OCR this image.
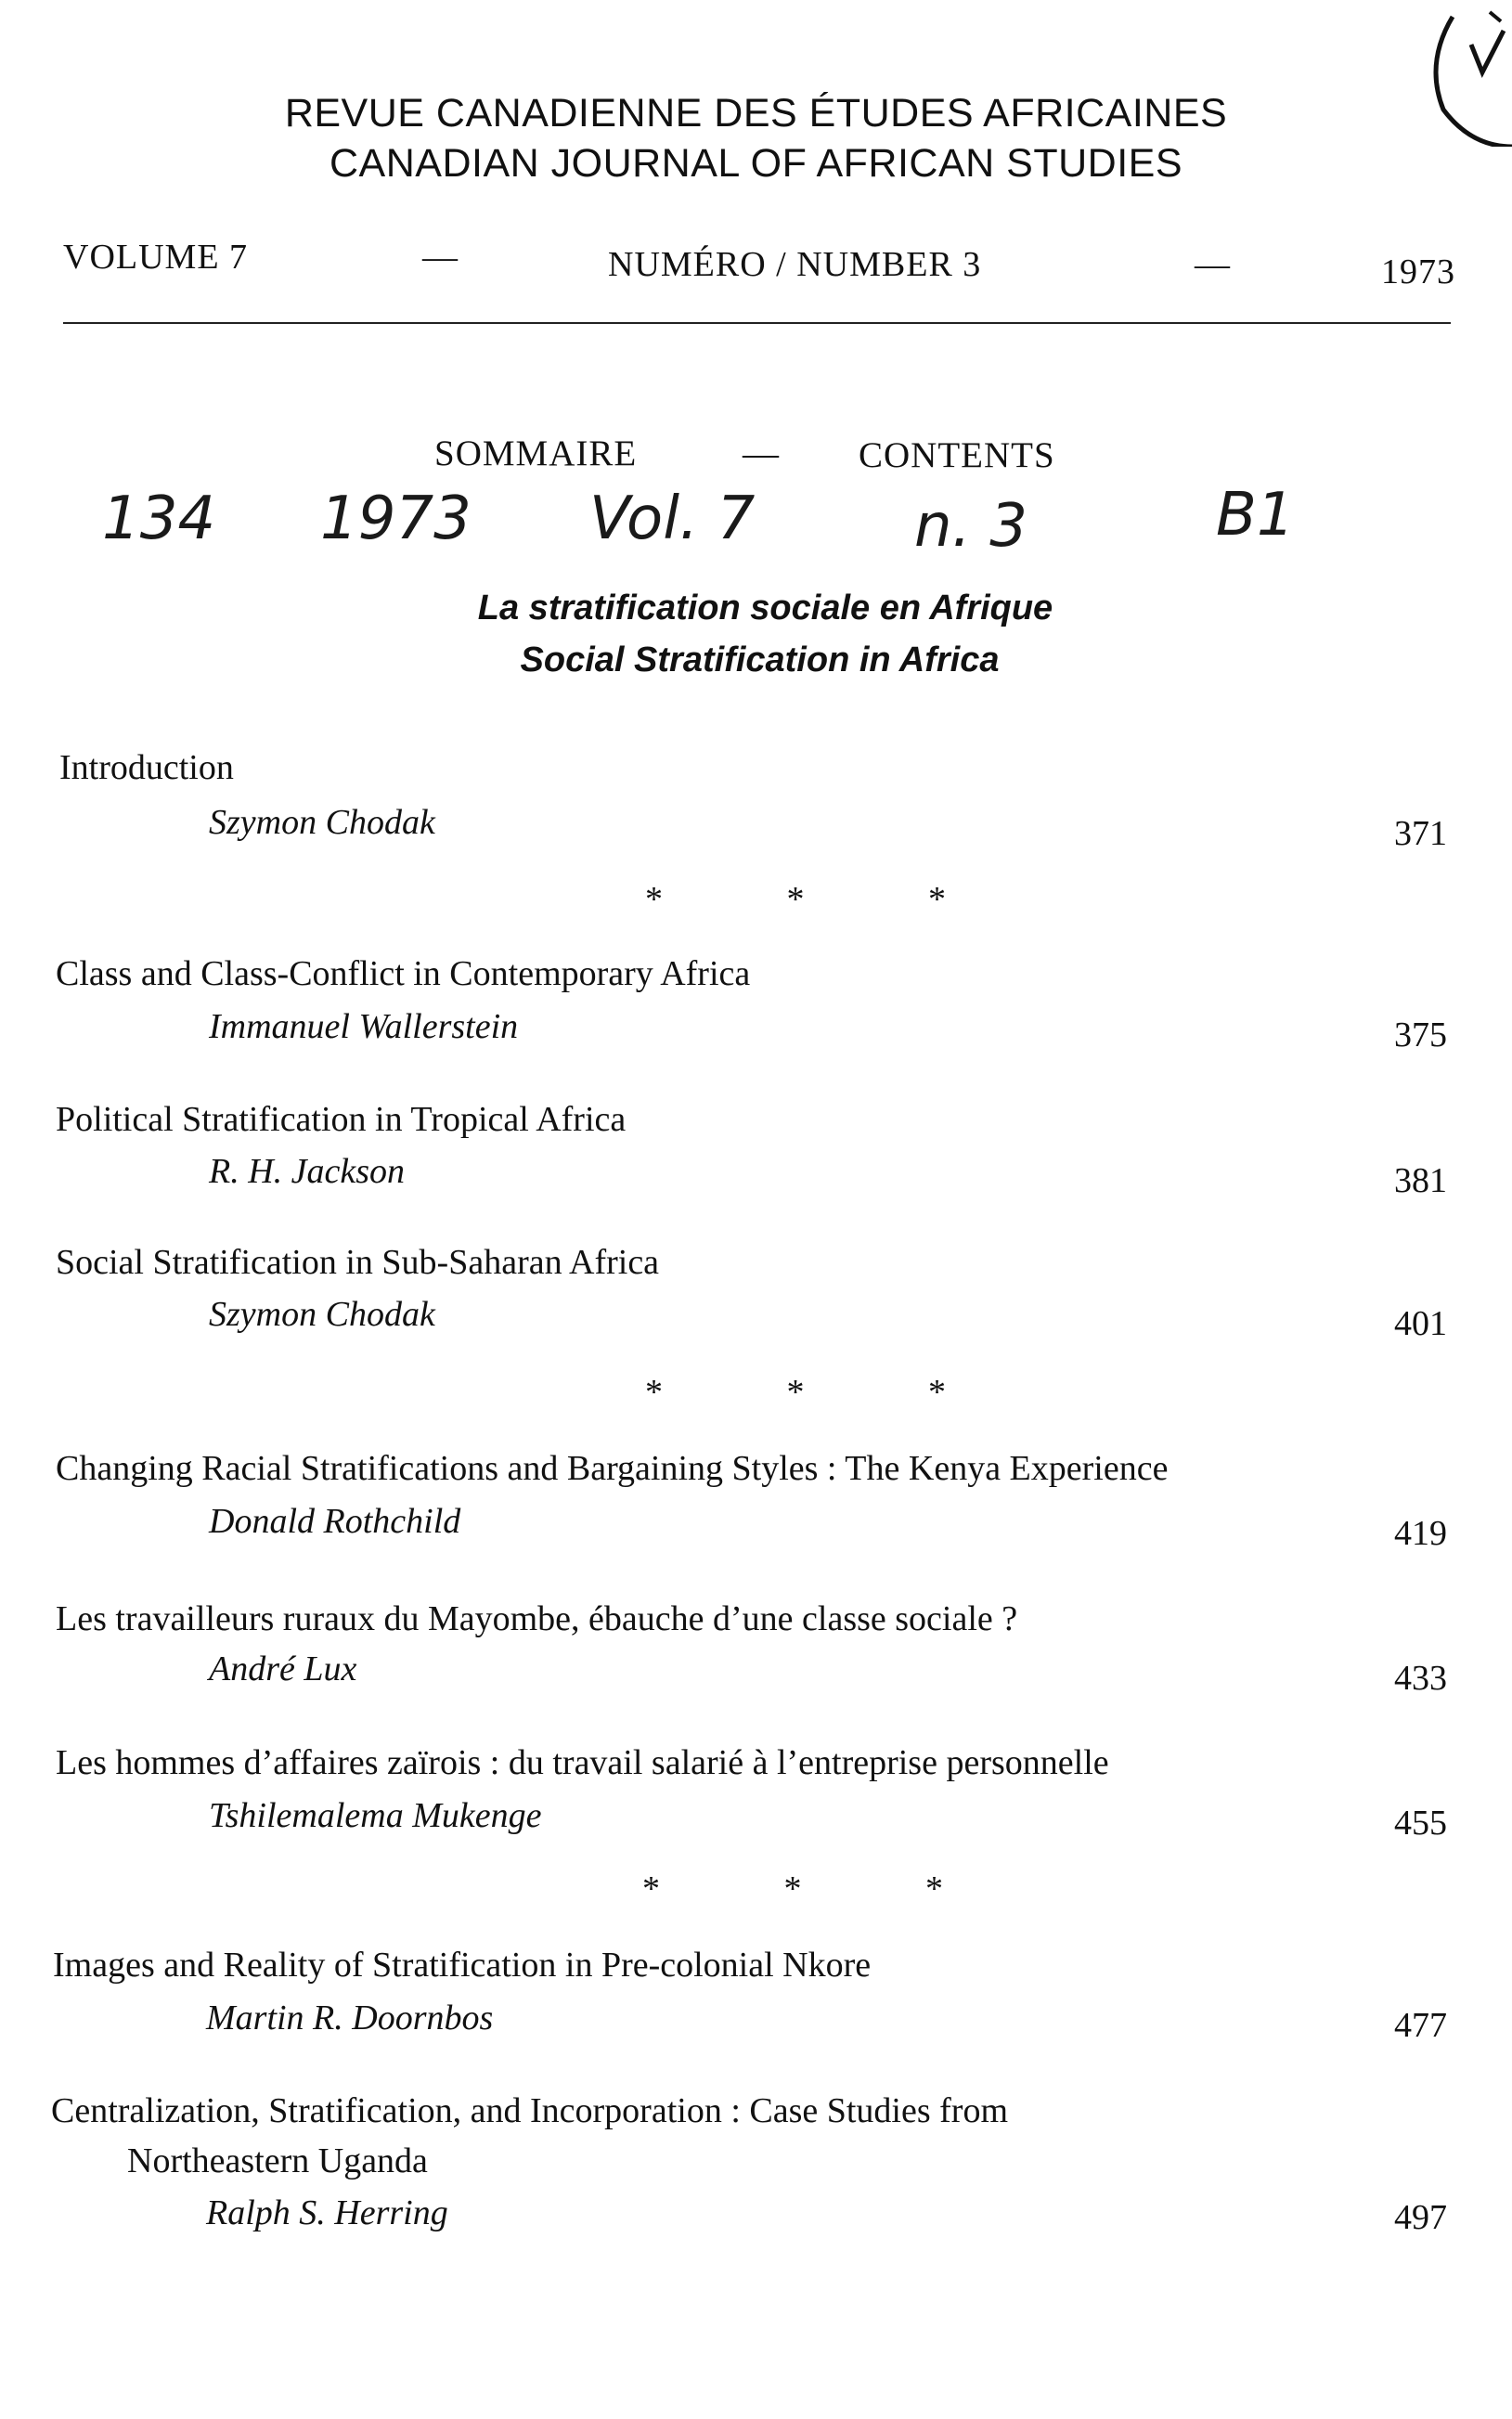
REVUE CANADIENNE DES ÉTUDES AFRICAINES
CANADIAN JOURNAL OF AFRICAN STUDIES
VOLUME 7	—	NUMÉRO / NUMBER 3	—	1973
SOMMAIRE	— CONTENTS
134 1973 Vol. 7	n. 3	B1
La stratification sociale en Afrique
Social Stratification in Africa
Introduction
Szymon Chodak	371
* * *
Class and Class-Conflict in Contemporary Africa
Immanuel Wallerstein	375
Political Stratification in Tropical Africa
R. H. Jackson	381
Social Stratification in Sub-Saharan Africa
Szymon Chodak	401
* * *
Changing Racial Stratifications and Bargaining Styles : The Kenya Experience
Donald Rothchild	419
Les travailleurs ruraux du Mayombe, ébauche d’une classe sociale ?
André Lux	433
Les hommes d’affaires zaïrois : du travail salarié à l’entreprise personnelle
Tshilemalema Mukenge	455
* * *
Images and Reality of Stratification in Pre-colonial Nkore
Martin R. Doornbos	477
Centralization, Stratification, and Incorporation : Case Studies from
Northeastern Uganda
Ralph S. Herring	497
